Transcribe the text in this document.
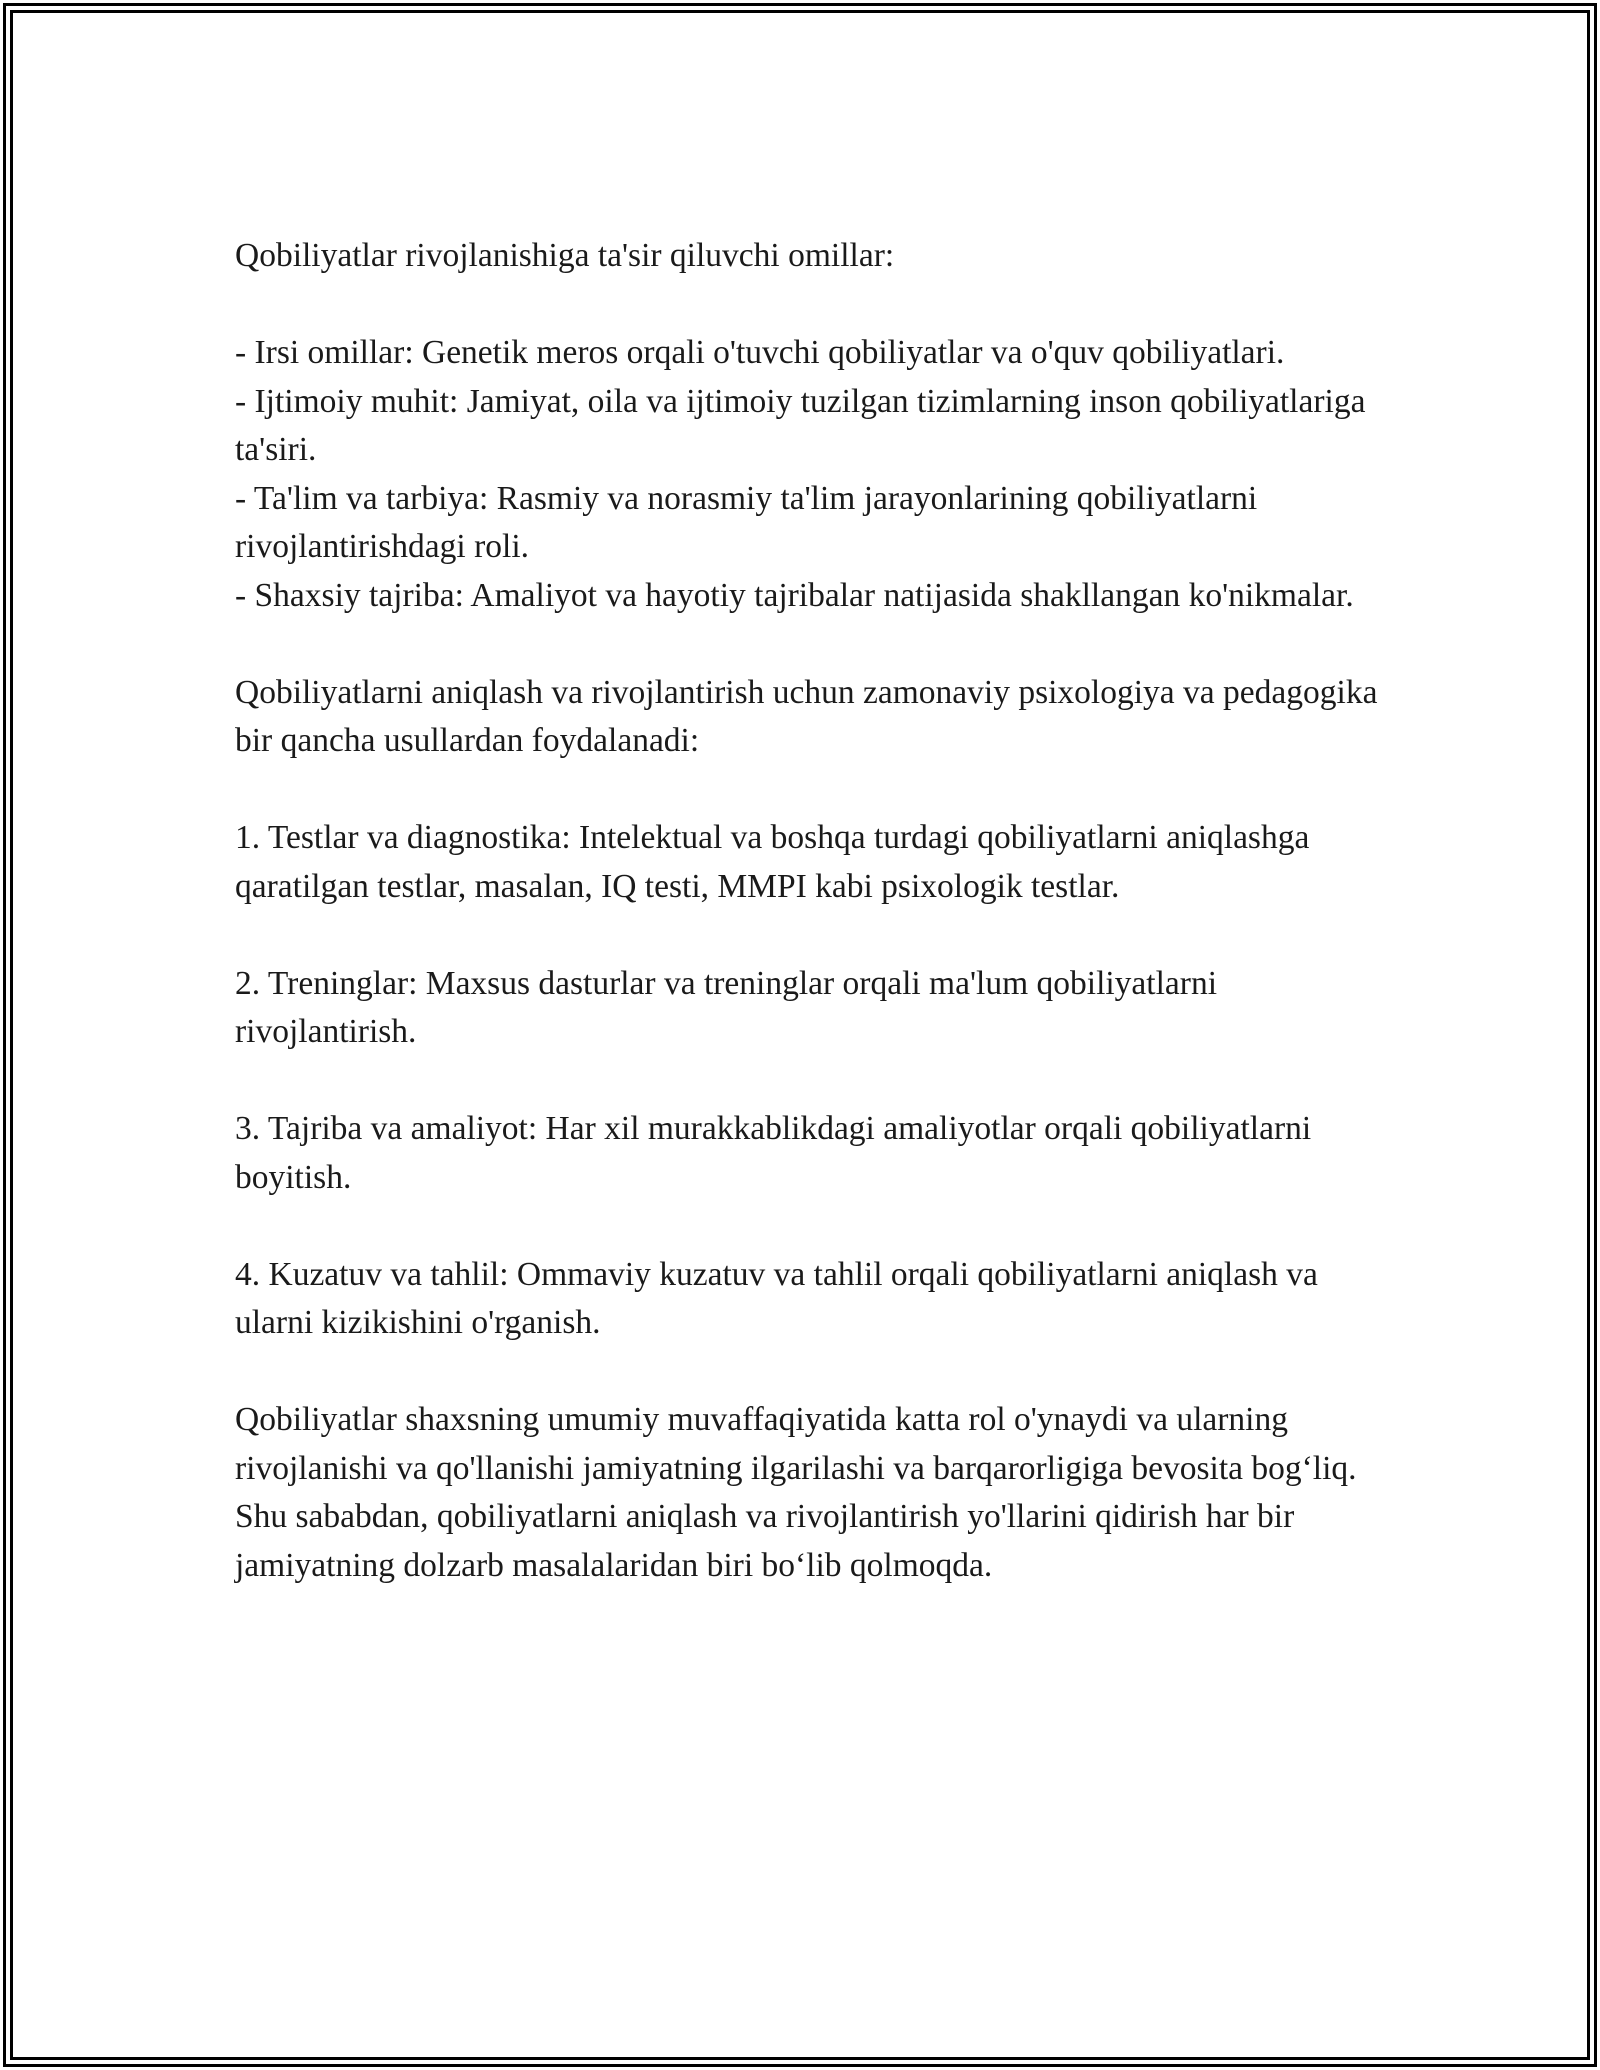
Qobiliyatlar rivojlanishiga ta'sir qiluvchi omillar:

- Irsi omillar: Genetik meros orqali o'tuvchi qobiliyatlar va o'quv qobiliyatlari.

- Ijtimoiy muhit: Jamiyat, oila va ijtimoiy tuzilgan tizimlarning inson qobiliyatlariga ta'siri.

- Ta'lim va tarbiya: Rasmiy va norasmiy ta'lim jarayonlarining qobiliyatlarni rivojlantirishdagi roli.

- Shaxsiy tajriba: Amaliyot va hayotiy tajribalar natijasida shakllangan ko'nikmalar.

Qobiliyatlarni aniqlash va rivojlantirish uchun zamonaviy psixologiya va pedagogika bir qancha usullardan foydalanadi:

1. Testlar va diagnostika: Intelektual va boshqa turdagi qobiliyatlarni aniqlashga qaratilgan testlar, masalan, IQ testi, MMPI kabi psixologik testlar.

2. Treninglar: Maxsus dasturlar va treninglar orqali ma'lum qobiliyatlarni rivojlantirish.

3. Tajriba va amaliyot: Har xil murakkablikdagi amaliyotlar orqali qobiliyatlarni boyitish.

4. Kuzatuv va tahlil: Ommaviy kuzatuv va tahlil orqali qobiliyatlarni aniqlash va ularni kizikishini o'rganish.

Qobiliyatlar shaxsning umumiy muvaffaqiyatida katta rol o'ynaydi va ularning rivojlanishi va qo'llanishi jamiyatning ilgarilashi va barqarorligiga bevosita bog‘liq. Shu sababdan, qobiliyatlarni aniqlash va rivojlantirish yo'llarini qidirish har bir jamiyatning dolzarb masalalaridan biri bo‘lib qolmoqda.
